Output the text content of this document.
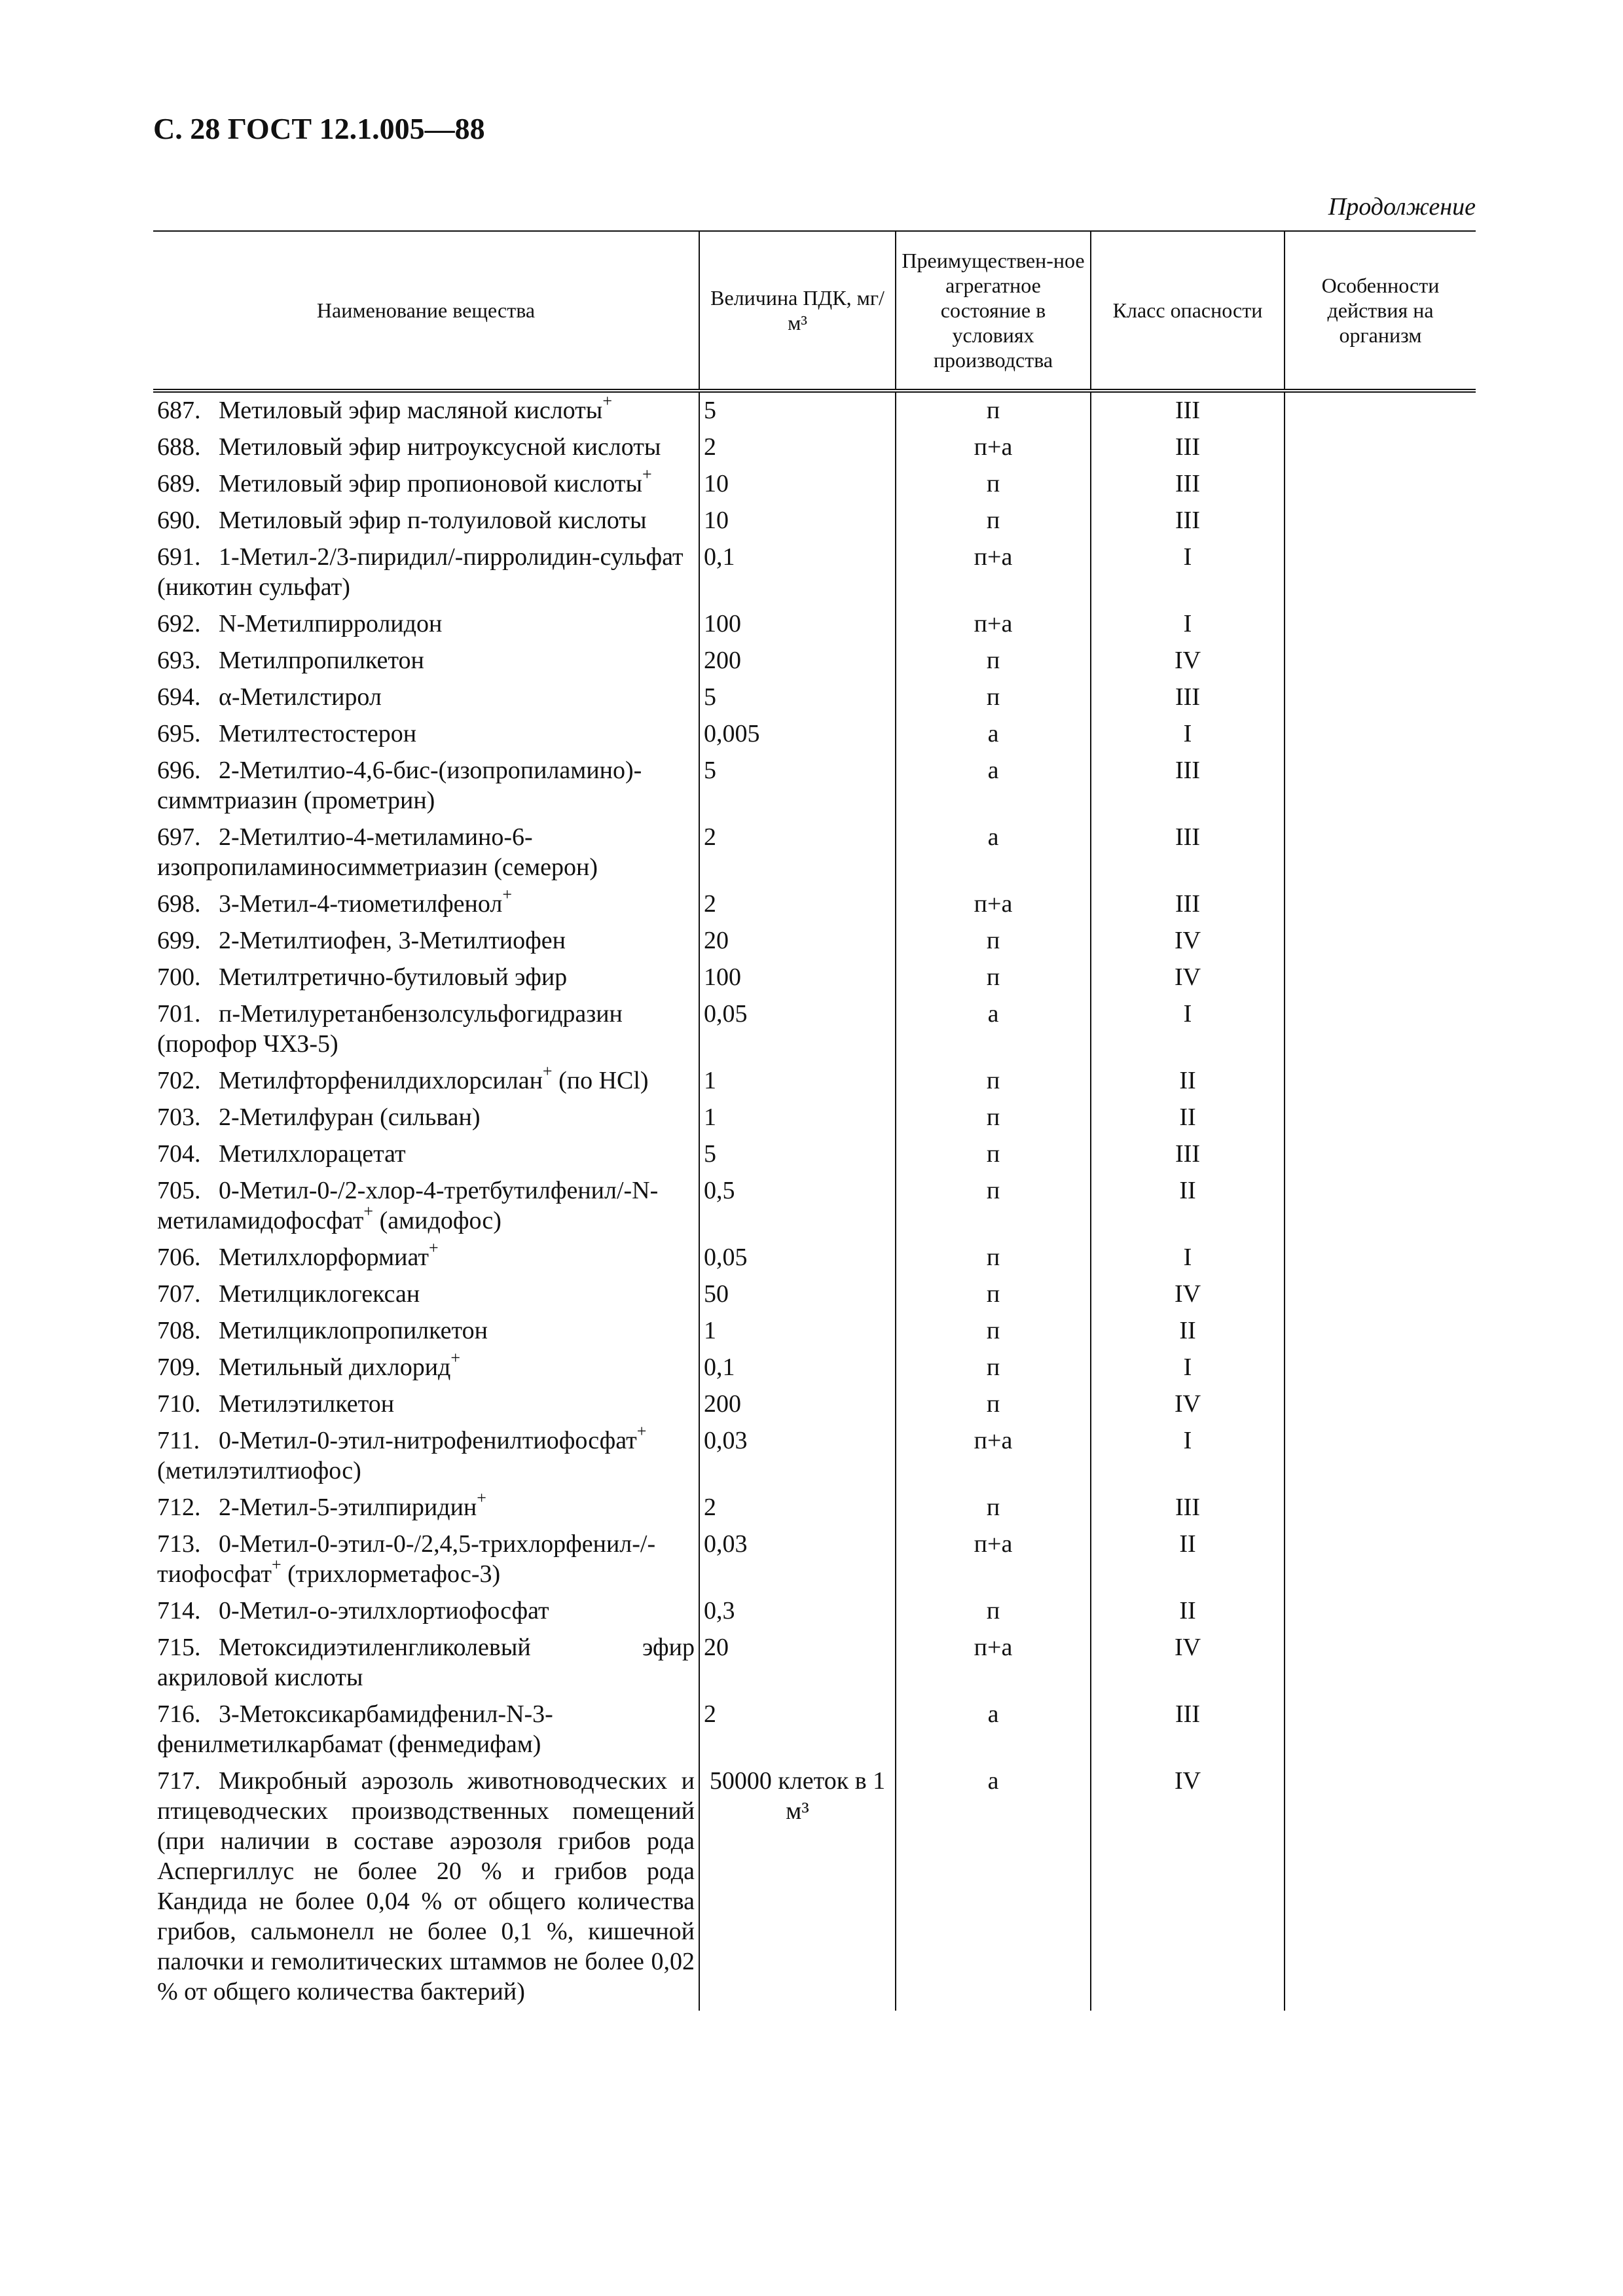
С. 28 ГОСТ 12.1.005—88
Продолжение
Наименование вещества	Величина ПДК, мг/м³	Преимуществен-ное агрегатное состояние в условиях производства	Класс опасности	Особенности действия на организм
687. Метиловый эфир масляной кислоты+	5	п	III	
688. Метиловый эфир нитроуксусной кислоты	2	п+а	III	
689. Метиловый эфир пропионовой кислоты+	10	п	III	
690. Метиловый эфир п-толуиловой кислоты	10	п	III	
691. 1-Метил-2/3-пиридил/-пирролидин-сульфат (никотин сульфат)	0,1	п+а	I	
692. N-Метилпирролидон	100	п+а	I	
693. Метилпропилкетон	200	п	IV	
694. α-Метилстирол	5	п	III	
695. Метилтестостерон	0,005	а	I	
696. 2-Метилтио-4,6-бис-(изопропиламино)-симмтриазин (прометрин)	5	а	III	
697. 2-Метилтио-4-метиламино-6-изопропиламиносимметриазин (семерон)	2	а	III	
698. 3-Метил-4-тиометилфенол+	2	п+а	III	
699. 2-Метилтиофен, 3-Метилтиофен	20	п	IV	
700. Метилтретично-бутиловый эфир	100	п	IV	
701. п-Метилуретанбензолсульфогидразин (порофор ЧХЗ-5)	0,05	а	I	
702. Метилфторфенилдихлорсилан+ (по HCl)	1	п	II	
703. 2-Метилфуран (сильван)	1	п	II	
704. Метилхлорацетат	5	п	III	
705. 0-Метил-0-/2-хлор-4-третбутилфенил/-N-метиламидофосфат+ (амидофос)	0,5	п	II	
706. Метилхлорформиат+	0,05	п	I	
707. Метилциклогексан	50	п	IV	
708. Метилциклопропилкетон	1	п	II	
709. Метильный дихлорид+	0,1	п	I	
710. Метилэтилкетон	200	п	IV	
711. 0-Метил-0-этил-нитрофенилтиофосфат+ (метилэтилтиофос)	0,03	п+а	I	
712. 2-Метил-5-этилпиридин+	2	п	III	
713. 0-Метил-0-этил-0-/2,4,5-трихлорфенил-/-тиофосфат+ (трихлорметафос-3)	0,03	п+а	II	
714. 0-Метил-о-этилхлортиофосфат	0,3	п	II	
715. Метоксидиэтиленгликолевый эфир акриловой кислоты	20	п+а	IV	
716. 3-Метоксикарбамидфенил-N-3-фенилметилкарбамат (фенмедифам)	2	а	III	
717. Микробный аэрозоль животноводческих и птицеводческих производственных помещений (при наличии в составе аэрозоля грибов рода Аспергиллус не более 20 % и грибов рода Кандида не более 0,04 % от общего количества грибов, сальмонелл не более 0,1 %, кишечной палочки и гемолитических штаммов не более 0,02 % от общего количества бактерий)	50000 клеток в 1 м³	а	IV	
